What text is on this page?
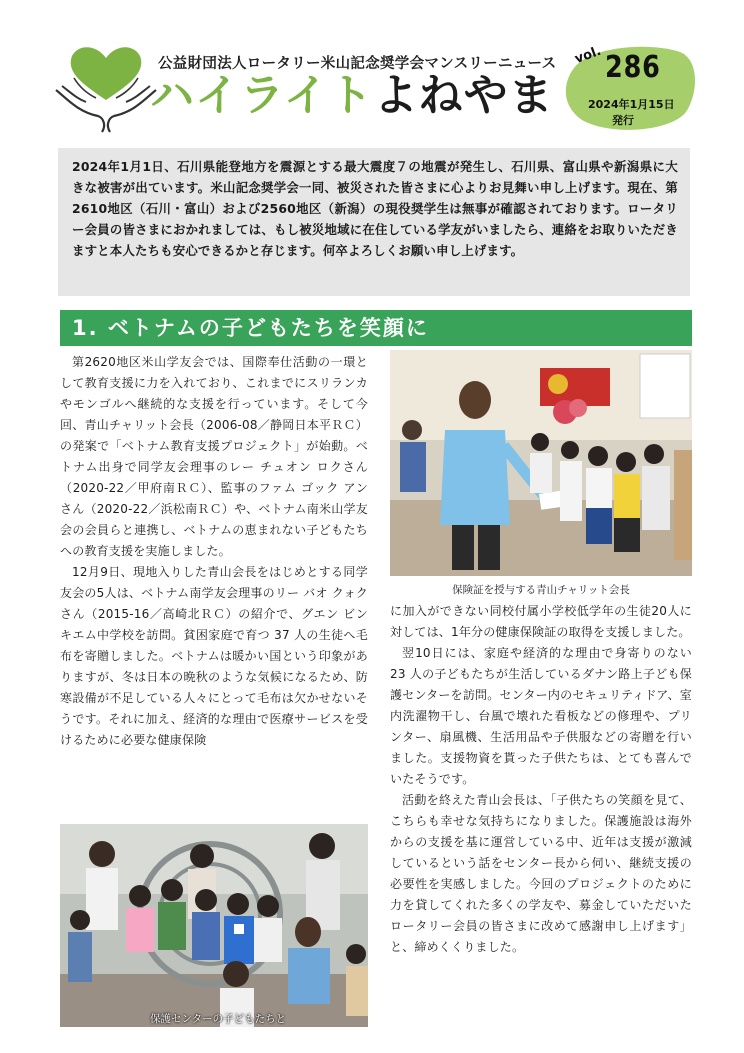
公益財団法人ロータリー米山記念奨学会マンスリーニュース
ハイライトよねやま
vol. 286
2024年1月15日
発行
2024年1月1日、石川県能登地方を震源とする最大震度７の地震が発生し、石川県、富山県や新潟県に大きな被害が出ています。米山記念奨学会一同、被災された皆さまに心よりお見舞い申し上げます。現在、第2610地区（石川・富山）および2560地区（新潟）の現役奨学生は無事が確認されております。ロータリー会員の皆さまにおかれましては、もし被災地域に在住している学友がいましたら、連絡をお取りいただきますと本人たちも安心できるかと存じます。何卒よろしくお願い申し上げます。
1. ベトナムの子どもたちを笑顔に

第2620地区米山学友会では、国際奉仕活動の一環として教育支援に力を入れており、これまでにスリランカやモンゴルへ継続的な支援を行っています。そして今回、青山チャリット会長（2006-08／静岡日本平ＲＣ）の発案で「ベトナム教育支援プロジェクト」が始動。ベトナム出身で同学友会理事のレー チュオン ロクさん（2020-22／甲府南ＲＣ）、監事のファム ゴック アンさん（2020-22／浜松南ＲＣ）や、ベトナム南米山学友会の会員らと連携し、ベトナムの恵まれない子どもたちへの教育支援を実施しました。

12月9日、現地入りした青山会長をはじめとする同学友会の5人は、ベトナム南学友会理事のリー バオ クォクさん（2015-16／高崎北ＲＣ）の紹介で、グエン ビン キエム中学校を訪問。貧困家庭で育つ 37 人の生徒へ毛布を寄贈しました。ベトナムは暖かい国という印象がありますが、冬は日本の晩秋のような気候になるため、防寒設備が不足している人々にとって毛布は欠かせないそうです。それに加え、経済的な理由で医療サービスを受けるために必要な健康保険

保険証を授与する青山チャリット会長

に加入ができない同校付属小学校低学年の生徒20人に対しては、1年分の健康保険証の取得を支援しました。

翌10日には、家庭や経済的な理由で身寄りのない 23 人の子どもたちが生活しているダナン路上子ども保護センターを訪問。センター内のセキュリティドア、室内洗濯物干し、台風で壊れた看板などの修理や、プリンター、扇風機、生活用品や子供服などの寄贈を行いました。支援物資を貰った子供たちは、とても喜んでいたそうです。

活動を終えた青山会長は、「子供たちの笑顔を見て、こちらも幸せな気持ちになりました。保護施設は海外からの支援を基に運営している中、近年は支援が激減しているという話をセンター長から伺い、継続支援の必要性を実感しました。今回のプロジェクトのために力を貸してくれた多くの学友や、募金していただいたロータリー会員の皆さまに改めて感謝申し上げます」と、締めくくりました。

保護センターの子どもたちと
